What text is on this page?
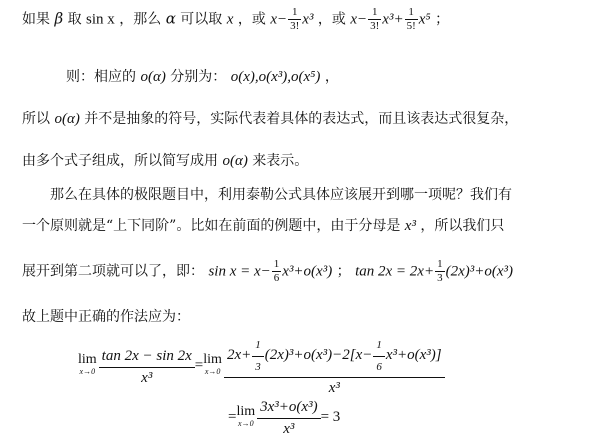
如果 β 取 sin x ，那么 α 可以取 x ，或 $x- \frac{1}{3!} x^3$ ，或 $x- \frac{1}{3!} x^3+ \frac{1}{5!} x^5$ ；
则：相应的 o(α) 分别为： o(x),o(x³),o(x⁵) ，
所以 o(α) 并不是抽象的符号，实际代表着具体的表达式，而且该表达式很复杂，
由多个式子组成，所以简写成用 o(α) 来表示。
那么在具体的极限题目中，利用泰勒公式具体应该展开到哪一项呢？我们有
一个原则就是“上下同阶”。比如在前面的例题中，由于分母是 x³ ，所以我们只
展开到第二项就可以了，即： $\sin x = x- \frac{1}{6} x^3+o(x^3)$ ； $\tan 2x = 2x+ \frac{1}{3} (2x)^3+o(x^3)$
故上题中正确的作法应为：
lim
$x\to 0 \frac{\tan 2x - \sin 2x}{\text{x³}} = \lim$
$x\to 0 \frac{2x+ \frac{1}{3} (2x)^3+o(x^3)-2[x- \frac{1}{6} x^3+o(x^3)]}{\text{x³}}$
= lim
$x\to 0 \frac{\text{3x³+o(x³)}}{\text{x³}} = 3$
